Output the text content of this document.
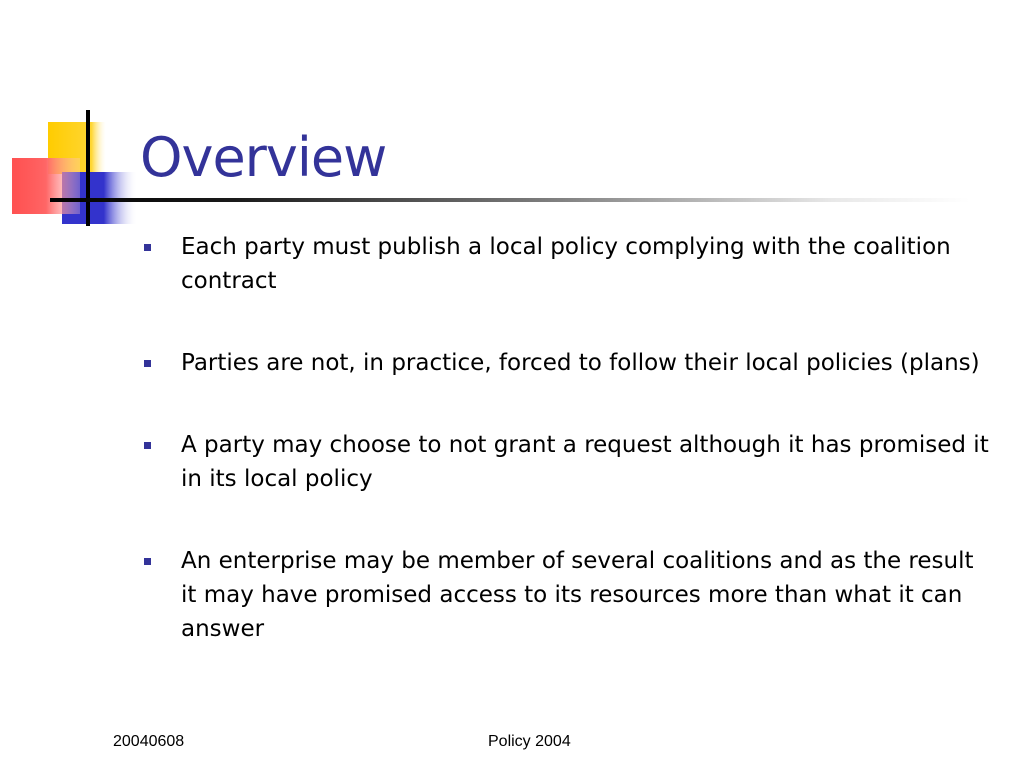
Overview
Each party must publish a local policy complying with the coalition contract
Parties are not, in practice, forced to follow their local policies (plans)
A party may choose to not grant a request although it has promised it in its local policy
An enterprise may be member of several coalitions and as the result it may have promised access to its resources more than what it can answer
20040608	Policy 2004
